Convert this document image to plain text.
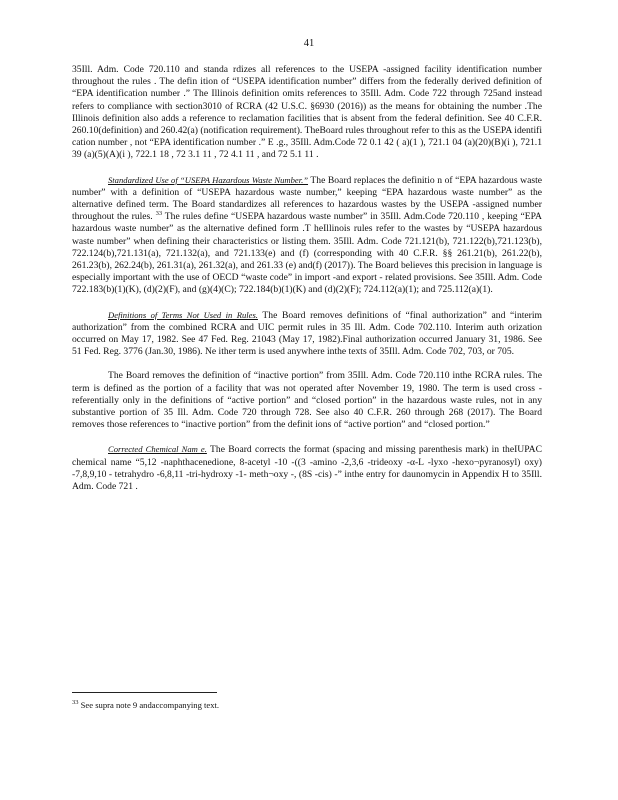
41

35Ill. Adm. Code 720.110 and standa rdizes all references to the USEPA -assigned facility identification number throughout the rules . The defin ition of “USEPA identification number” differs from the federally derived definition of “EPA identification number .” The Illinois definition omits references to 35Ill. Adm. Code 722 through 725and instead refers to compliance with section3010 of RCRA (42 U.S.C. §6930 (2016)) as the means for obtaining the number .The Illinois definition also adds a reference to reclamation facilities that is absent from the federal definition. See 40 C.F.R. 260.10(definition) and 260.42(a) (notification requirement). TheBoard rules throughout refer to this as the USEPA identifi cation number , not “EPA identification number .” E .g., 35Ill. Adm.Code 72 0.1 42 ( a)(1 ), 721.1 04 (a)(20)(B)(i ), 721.1 39 (a)(5)(A)(i ), 722.1 18 , 72 3.1 11 , 72 4.1 11 , and 72 5.1 11 .

Standardized Use of “USEPA Hazardous Waste Number.” The Board replaces the definitio n of “EPA hazardous waste number” with a definition of “USEPA hazardous waste number,” keeping “EPA hazardous waste number” as the alternative defined term. The Board standardizes all references to hazardous wastes by the USEPA -assigned number throughout the rules. $^{33}$ The rules define “USEPA hazardous waste number” in 35Ill. Adm.Code 720.110 , keeping “EPA hazardous waste number” as the alternative defined form .T heIllinois rules refer to the wastes by “USEPA hazardous waste number” when defining their characteristics or listing them. 35Ill. Adm. Code 721.121(b), 721.122(b),721.123(b), 722.124(b),721.131(a), 721.132(a), and 721.133(e) and (f) (corresponding with 40 C.F.R. §§ 261.21(b), 261.22(b), 261.23(b), 262.24(b), 261.31(a), 261.32(a), and 261.33 (e) and(f) (2017)). The Board believes this precision in language is especially important with the use of OECD “waste code” in import -and export - related provisions. See 35Ill. Adm. Code 722.183(b)(1)(K), (d)(2)(F), and (g)(4)(C); 722.184(b)(1)(K) and (d)(2)(F); 724.112(a)(1); and 725.112(a)(1).

Definitions of Terms Not Used in Rules. The Board removes definitions of “final authorization” and “interim authorization” from the combined RCRA and UIC permit rules in 35 Ill. Adm. Code 702.110. Interim auth orization occurred on May 17, 1982. See 47 Fed. Reg. 21043 (May 17, 1982).Final authorization occurred January 31, 1986. See 51 Fed. Reg. 3776 (Jan.30, 1986). Ne ither term is used anywhere inthe texts of 35Ill. Adm. Code 702, 703, or 705.

The Board removes the definition of “inactive portion” from 35Ill. Adm. Code 720.110 inthe RCRA rules. The term is defined as the portion of a facility that was not operated after November 19, 1980. The term is used cross - referentially only in the definitions of “active portion” and “closed portion” in the hazardous waste rules, not in any substantive portion of 35 Ill. Adm. Code 720 through 728. See also 40 C.F.R. 260 through 268 (2017). The Board removes those references to “inactive portion” from the definit ions of “active portion” and “closed portion.”

Corrected Chemical Nam e. The Board corrects the format (spacing and missing parenthesis mark) in theIUPAC chemical name “5,12 -naphthacenedione, 8-acetyl -10 -((3 -amino -2,3,6 -trideoxy -α-L -lyxo -hexo¬pyranosyl) oxy) -7,8,9,10 - tetrahydro -6,8,11 -tri-hydroxy -1- meth¬oxy -, (8S -cis) -” inthe entry for daunomycin in Appendix H to 35Ill. Adm. Code 721 .

$^{33}$ See supra note 9 andaccompanying text.
